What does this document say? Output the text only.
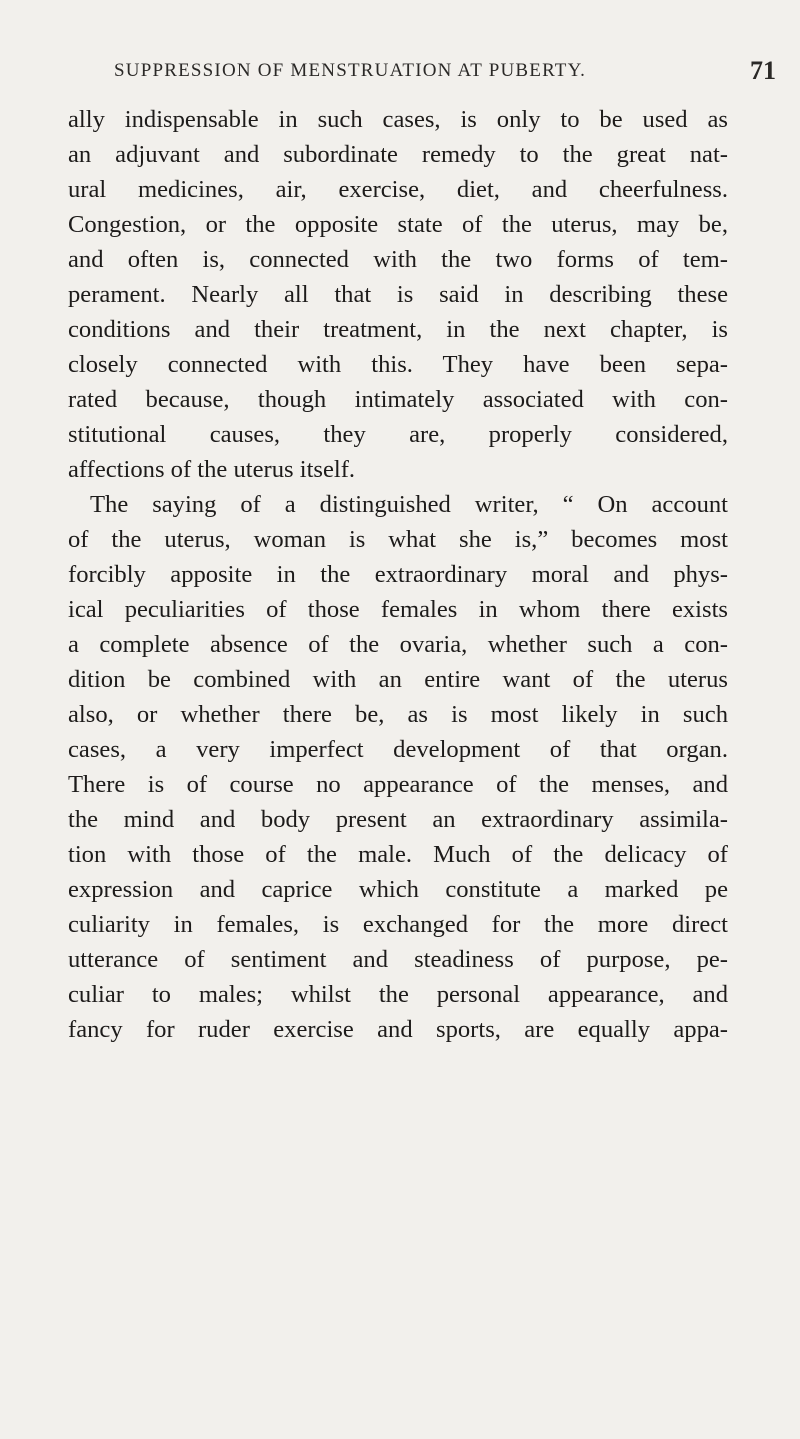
SUPPRESSION OF MENSTRUATION AT PUBERTY.	71
ally indispensable in such cases, is only to be used as
an adjuvant and subordinate remedy to the great nat-
ural medicines, air, exercise, diet, and cheerfulness.
Congestion, or the opposite state of the uterus, may be,
and often is, connected with the two forms of tem-
perament. Nearly all that is said in describing these
conditions and their treatment, in the next chapter, is
closely connected with this. They have been sepa-
rated because, though intimately associated with con-
stitutional causes, they are, properly considered,
affections of the uterus itself.
The saying of a distinguished writer, “ On account
of the uterus, woman is what she is,” becomes most
forcibly apposite in the extraordinary moral and phys-
ical peculiarities of those females in whom there exists
a complete absence of the ovaria, whether such a con-
dition be combined with an entire want of the uterus
also, or whether there be, as is most likely in such
cases, a very imperfect development of that organ.
There is of course no appearance of the menses, and
the mind and body present an extraordinary assimila-
tion with those of the male. Much of the delicacy of
expression and caprice which constitute a marked pe
culiarity in females, is exchanged for the more direct
utterance of sentiment and steadiness of purpose, pe-
culiar to males; whilst the personal appearance, and
fancy for ruder exercise and sports, are equally appa-
